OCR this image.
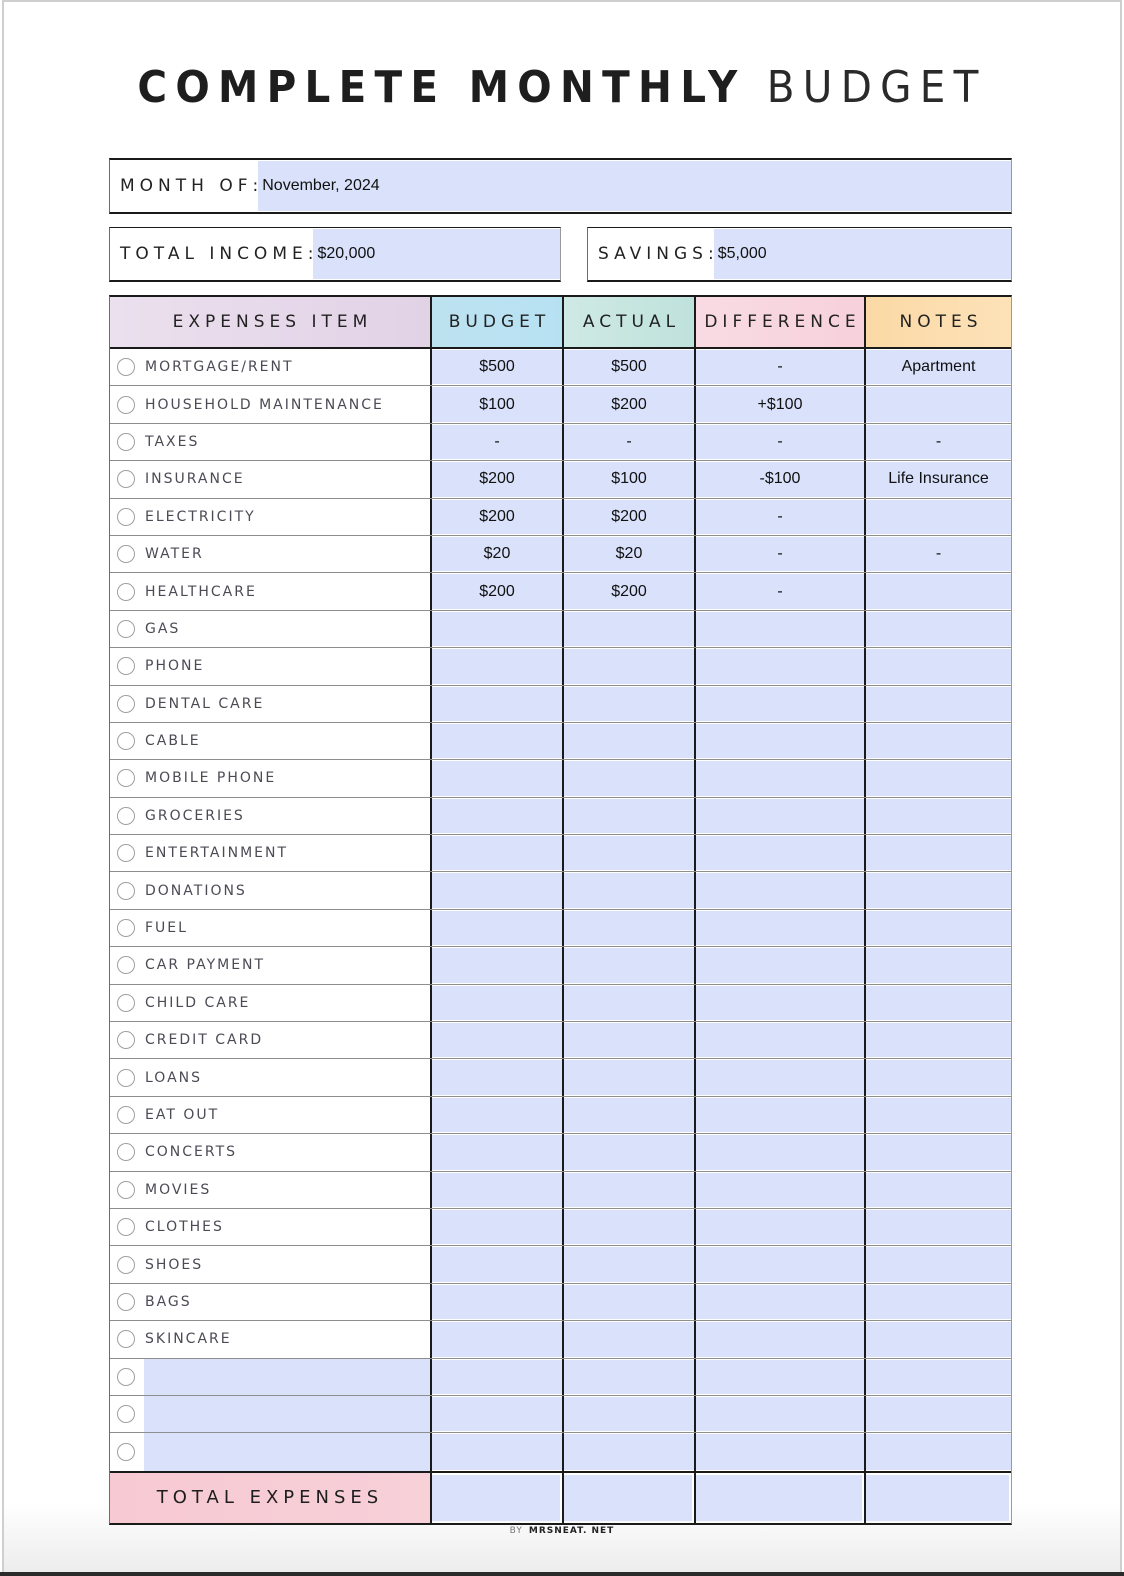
COMPLETE MONTHLY BUDGET
MONTH OF : November, 2024
TOTAL INCOME : $20,000	SAVINGS : $5,000
EXPENSES ITEM	BUDGET	ACTUAL	DIFFERENCE	NOTES
MORTGAGE/RENT	$500	$500	-	Apartment
HOUSEHOLD MAINTENANCE	$100	$200	+$100
TAXES	-	-	-	-
INSURANCE	$200	$100	-$100	Life Insurance
ELECTRICITY	$200	$200	-
WATER	$20	$20	-	-
HEALTHCARE	$200	$200	-
GAS
PHONE
DENTAL CARE
CABLE
MOBILE PHONE
GROCERIES
ENTERTAINMENT
DONATIONS
FUEL
CAR PAYMENT
CHILD CARE
CREDIT CARD
LOANS
EAT OUT
CONCERTS
MOVIES
CLOTHES
SHOES
BAGS
SKINCARE
TOTAL EXPENSES
BY MRSNEAT. NET
